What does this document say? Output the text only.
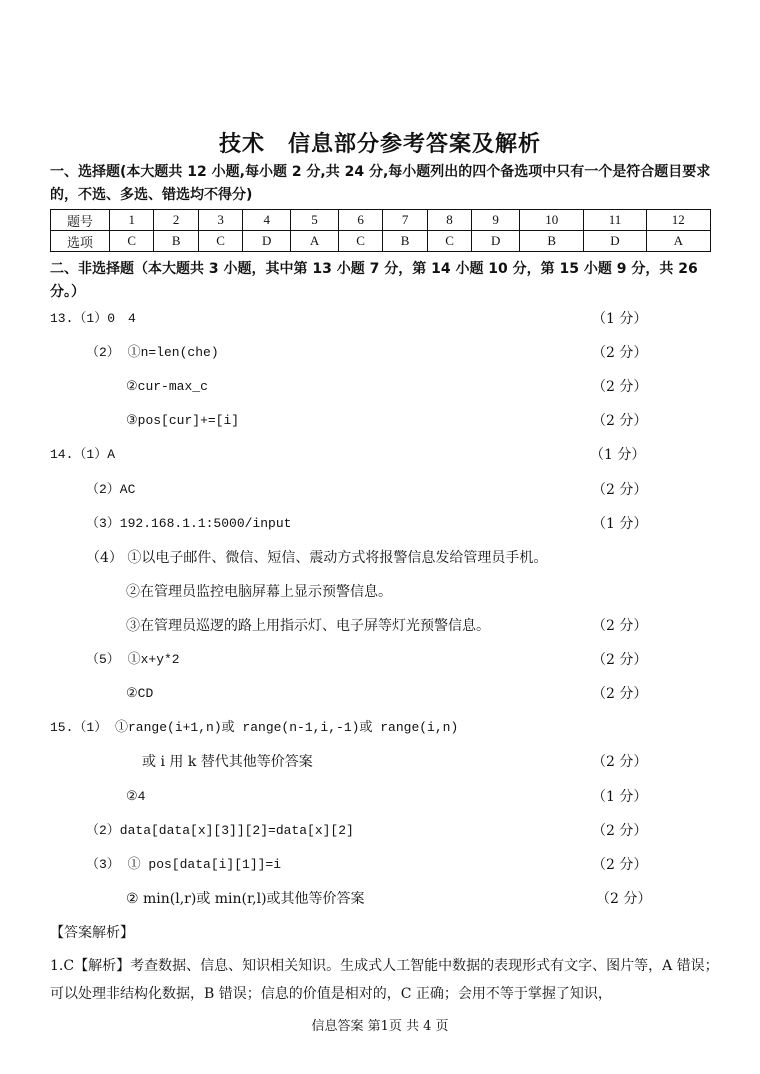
技术　信息部分参考答案及解析
一、选择题(本大题共 12 小题,每小题 2 分,共 24 分,每小题列出的四个备选项中只有一个是符合题目要求的，不选、多选、错选均不得分)
题号	1	2	3	4	5	6	7	8	9	10	11	12
选项	C	B	C	D	A	C	B	C	D	B	D	A
二、非选择题（本大题共 3 小题，其中第 13 小题 7 分，第 14 小题 10 分，第 15 小题 9 分，共 26 分。）
13.（1）0　4	（1 分）
（2） ①n=len(che)	（2 分）
②cur-max_c	（2 分）
③pos[cur]+=[i]	（2 分）
14.（1）A	（1 分）
（2）AC	（2 分）
（3）192.168.1.1:5000/input	（1 分）
（4） ①以电子邮件、微信、短信、震动方式将报警信息发给管理员手机。
②在管理员监控电脑屏幕上显示预警信息。
③在管理员巡逻的路上用指示灯、电子屏等灯光预警信息。	（2 分）
（5） ①x+y*2	（2 分）
②CD	（2 分）
15.（1） ①range(i+1,n)或 range(n-1,i,-1)或 range(i,n)
或 i 用 k 替代其他等价答案	（2 分）
②4	（1 分）
（2）data[data[x][3]][2]=data[x][2]	（2 分）
（3） ① pos[data[i][1]]=i	（2 分）
② min(l,r)或 min(r,l)或其他等价答案	（2 分）
【答案解析】
1.C【解析】考查数据、信息、知识相关知识。生成式人工智能中数据的表现形式有文字、图片等，A 错误；可以处理非结构化数据，B 错误；信息的价值是相对的，C 正确；会用不等于掌握了知识，
信息答案 第1页 共 4 页
